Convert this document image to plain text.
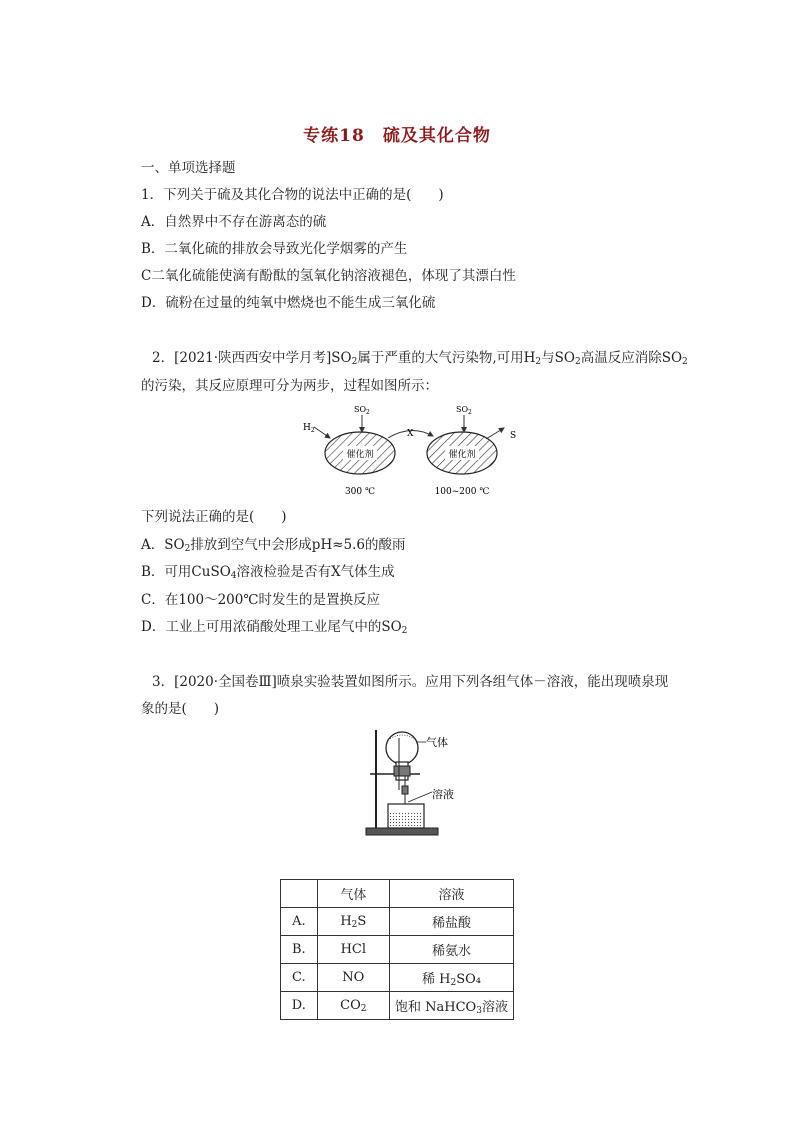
专练18　硫及其化合物
一、单项选择题
1．下列关于硫及其化合物的说法中正确的是(　　)
A．自然界中不存在游离态的硫
B．二氧化硫的排放会导致光化学烟雾的产生
C二氧化硫能使滴有酚酞的氢氧化钠溶液褪色，体现了其漂白性
D．硫粉在过量的纯氧中燃烧也不能生成三氧化硫
2．[2021·陕西西安中学月考]$SO_2$属于严重的大气污染物,可用$H_2$与$SO_2$高温反应消除$SO_2$
的污染，其反应原理可分为两步，过程如图所示：
催化剂	催化剂
$H_2$
$SO_2$
X
$SO_2$
S
300 ℃	100~200 ℃
下列说法正确的是(　　)
A．$SO_2$排放到空气中会形成pH≈5.6的酸雨
B．可用CuSO$_4$溶液检验是否有X气体生成
C．在100～200℃时发生的是置换反应
D．工业上可用浓硝酸处理工业尾气中的$SO_2$
3．[2020·全国卷Ⅲ]喷泉实验装置如图所示。应用下列各组气体－溶液，能出现喷泉现
象的是(　　)
气体
溶液
	气体	溶液
A.	$H_2S$	稀盐酸
B.	HCl	稀氨水
C.	NO	稀 $H_2SO_4$
D.	$CO_2$	饱和 NaHCO$_3$溶液
